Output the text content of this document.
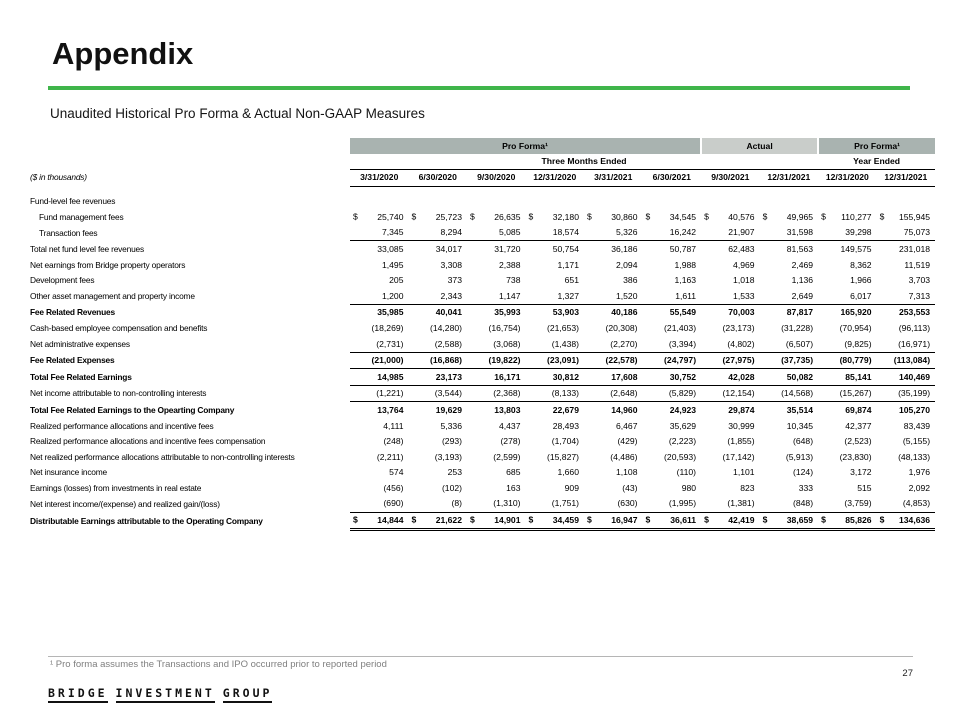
Appendix
Unaudited Historical Pro Forma & Actual Non-GAAP Measures
	Pro Forma¹						Actual		Pro Forma¹	
	Three Months Ended								Year Ended	
($ in thousands)	3/31/2020	6/30/2020	9/30/2020	12/31/2020	3/31/2021	6/30/2021	9/30/2021	12/31/2021	12/31/2020	12/31/2021

Fund-level fee revenues										
Fund management fees	$ 25,740	$ 25,723	$ 26,635	$ 32,180	$ 30,860	$ 34,545	$ 40,576	$ 49,965	$ 110,277	$ 155,945
Transaction fees	7,345	8,294	5,085	18,574	5,326	16,242	21,907	31,598	39,298	75,073
Total net fund level fee revenues	33,085	34,017	31,720	50,754	36,186	50,787	62,483	81,563	149,575	231,018
Net earnings from Bridge property operators	1,495	3,308	2,388	1,171	2,094	1,988	4,969	2,469	8,362	11,519
Development fees	205	373	738	651	386	1,163	1,018	1,136	1,966	3,703
Other asset management and property income	1,200	2,343	1,147	1,327	1,520	1,611	1,533	2,649	6,017	7,313
Fee Related Revenues	35,985	40,041	35,993	53,903	40,186	55,549	70,003	87,817	165,920	253,553
Cash-based employee compensation and benefits	(18,269)	(14,280)	(16,754)	(21,653)	(20,308)	(21,403)	(23,173)	(31,228)	(70,954)	(96,113)
Net administrative expenses	(2,731)	(2,588)	(3,068)	(1,438)	(2,270)	(3,394)	(4,802)	(6,507)	(9,825)	(16,971)
Fee Related Expenses	(21,000)	(16,868)	(19,822)	(23,091)	(22,578)	(24,797)	(27,975)	(37,735)	(80,779)	(113,084)
Total Fee Related Earnings	14,985	23,173	16,171	30,812	17,608	30,752	42,028	50,082	85,141	140,469
Net income attributable to non-controlling interests	(1,221)	(3,544)	(2,368)	(8,133)	(2,648)	(5,829)	(12,154)	(14,568)	(15,267)	(35,199)
Total Fee Related Earnings to the Opearting Company	13,764	19,629	13,803	22,679	14,960	24,923	29,874	35,514	69,874	105,270
Realized performance allocations and incentive fees	4,111	5,336	4,437	28,493	6,467	35,629	30,999	10,345	42,377	83,439
Realized performance allocations and incentive fees compensation	(248)	(293)	(278)	(1,704)	(429)	(2,223)	(1,855)	(648)	(2,523)	(5,155)
Net realized performance allocations attributable to non-controlling interests	(2,211)	(3,193)	(2,599)	(15,827)	(4,486)	(20,593)	(17,142)	(5,913)	(23,830)	(48,133)
Net insurance income	574	253	685	1,660	1,108	(110)	1,101	(124)	3,172	1,976
Earnings (losses) from investments in real estate	(456)	(102)	163	909	(43)	980	823	333	515	2,092
Net interest income/(expense) and realized gain/(loss)	(690)	(8)	(1,310)	(1,751)	(630)	(1,995)	(1,381)	(848)	(3,759)	(4,853)
Distributable Earnings attributable to the Operating Company	$ 14,844	$ 21,622	$ 14,901	$ 34,459	$ 16,947	$ 36,611	$ 42,419	$ 38,659	$ 85,826	$ 134,636
¹ Pro forma assumes the Transactions and IPO occurred prior to reported period
27
BRIDGE INVESTMENT GROUP
